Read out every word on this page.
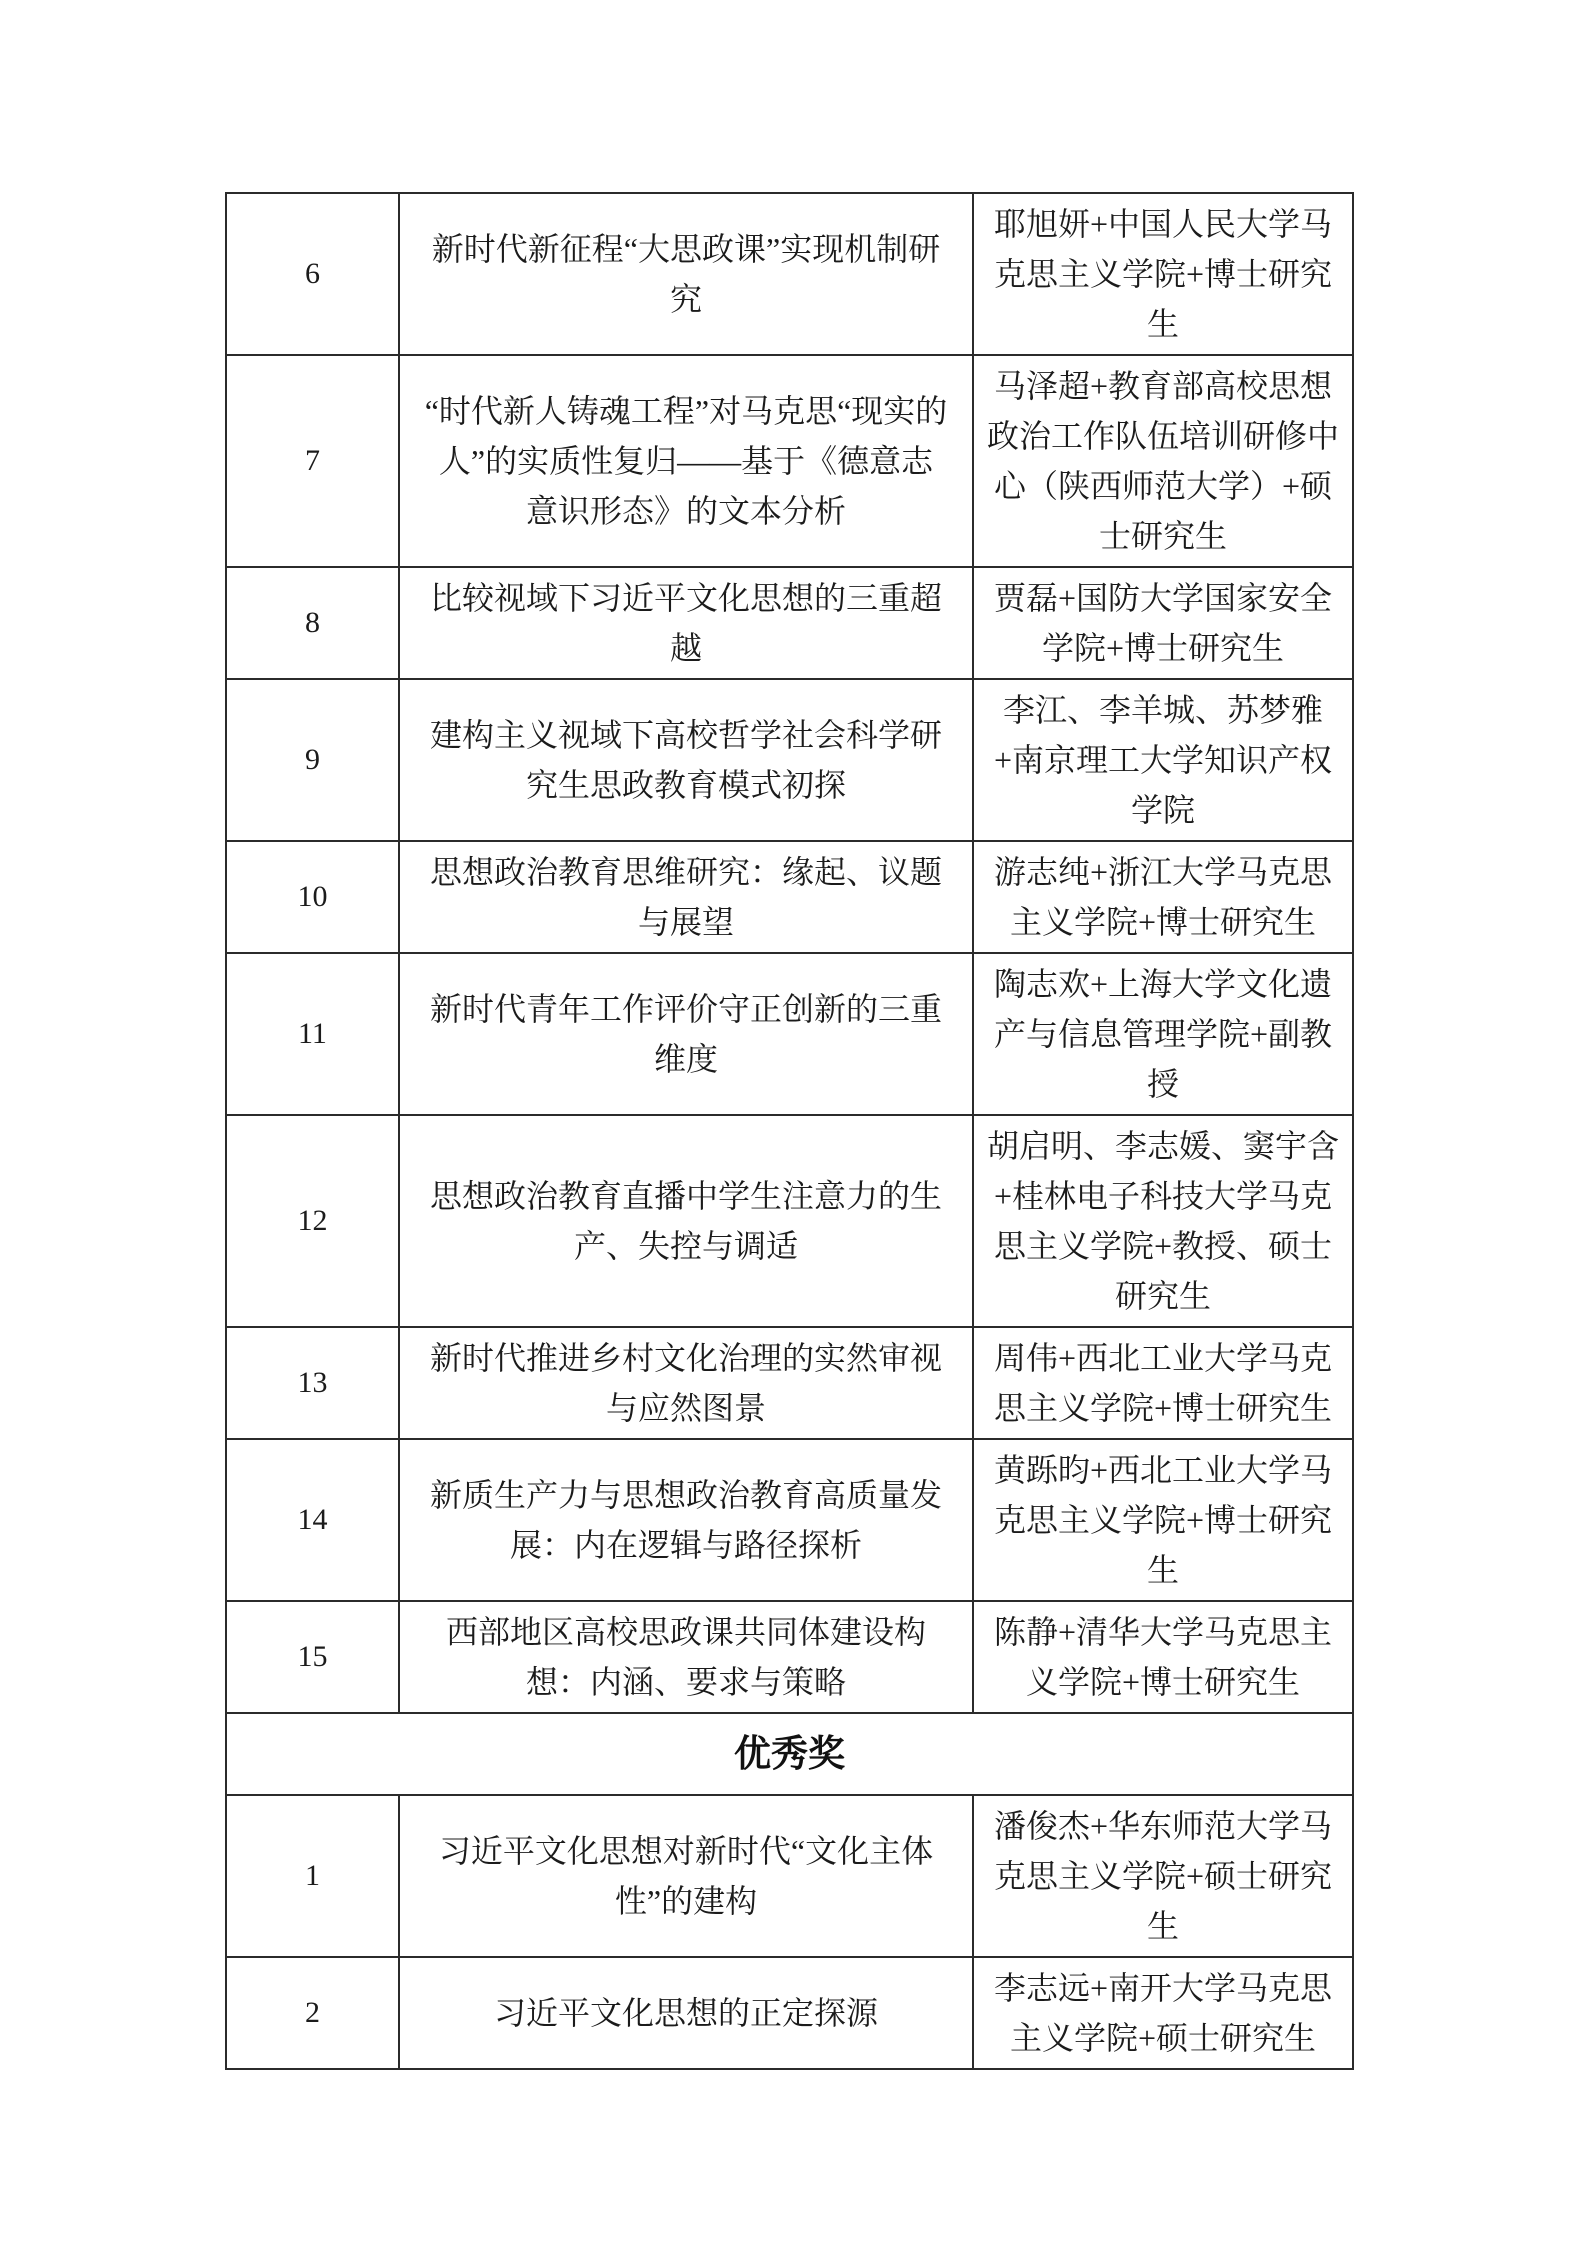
6	新时代新征程“大思政课”实现机制研究	耶旭妍+中国人民大学马克思主义学院+博士研究生
7	“时代新人铸魂工程”对马克思“现实的人”的实质性复归——基于《德意志意识形态》的文本分析	马泽超+教育部高校思想政治工作队伍培训研修中心（陕西师范大学）+硕士研究生
8	比较视域下习近平文化思想的三重超越	贾磊+国防大学国家安全学院+博士研究生
9	建构主义视域下高校哲学社会科学研究生思政教育模式初探	李江、李羊城、苏梦雅+南京理工大学知识产权学院
10	思想政治教育思维研究：缘起、议题与展望	游志纯+浙江大学马克思主义学院+博士研究生
11	新时代青年工作评价守正创新的三重维度	陶志欢+上海大学文化遗产与信息管理学院+副教授
12	思想政治教育直播中学生注意力的生产、失控与调适	胡启明、李志媛、窦宇含+桂林电子科技大学马克思主义学院+教授、硕士研究生
13	新时代推进乡村文化治理的实然审视与应然图景	周伟+西北工业大学马克思主义学院+博士研究生
14	新质生产力与思想政治教育高质量发展：内在逻辑与路径探析	黄跞昀+西北工业大学马克思主义学院+博士研究生
15	西部地区高校思政课共同体建设构想：内涵、要求与策略	陈静+清华大学马克思主义学院+博士研究生
优秀奖		
1	习近平文化思想对新时代“文化主体性”的建构	潘俊杰+华东师范大学马克思主义学院+硕士研究生
2	习近平文化思想的正定探源	李志远+南开大学马克思主义学院+硕士研究生
